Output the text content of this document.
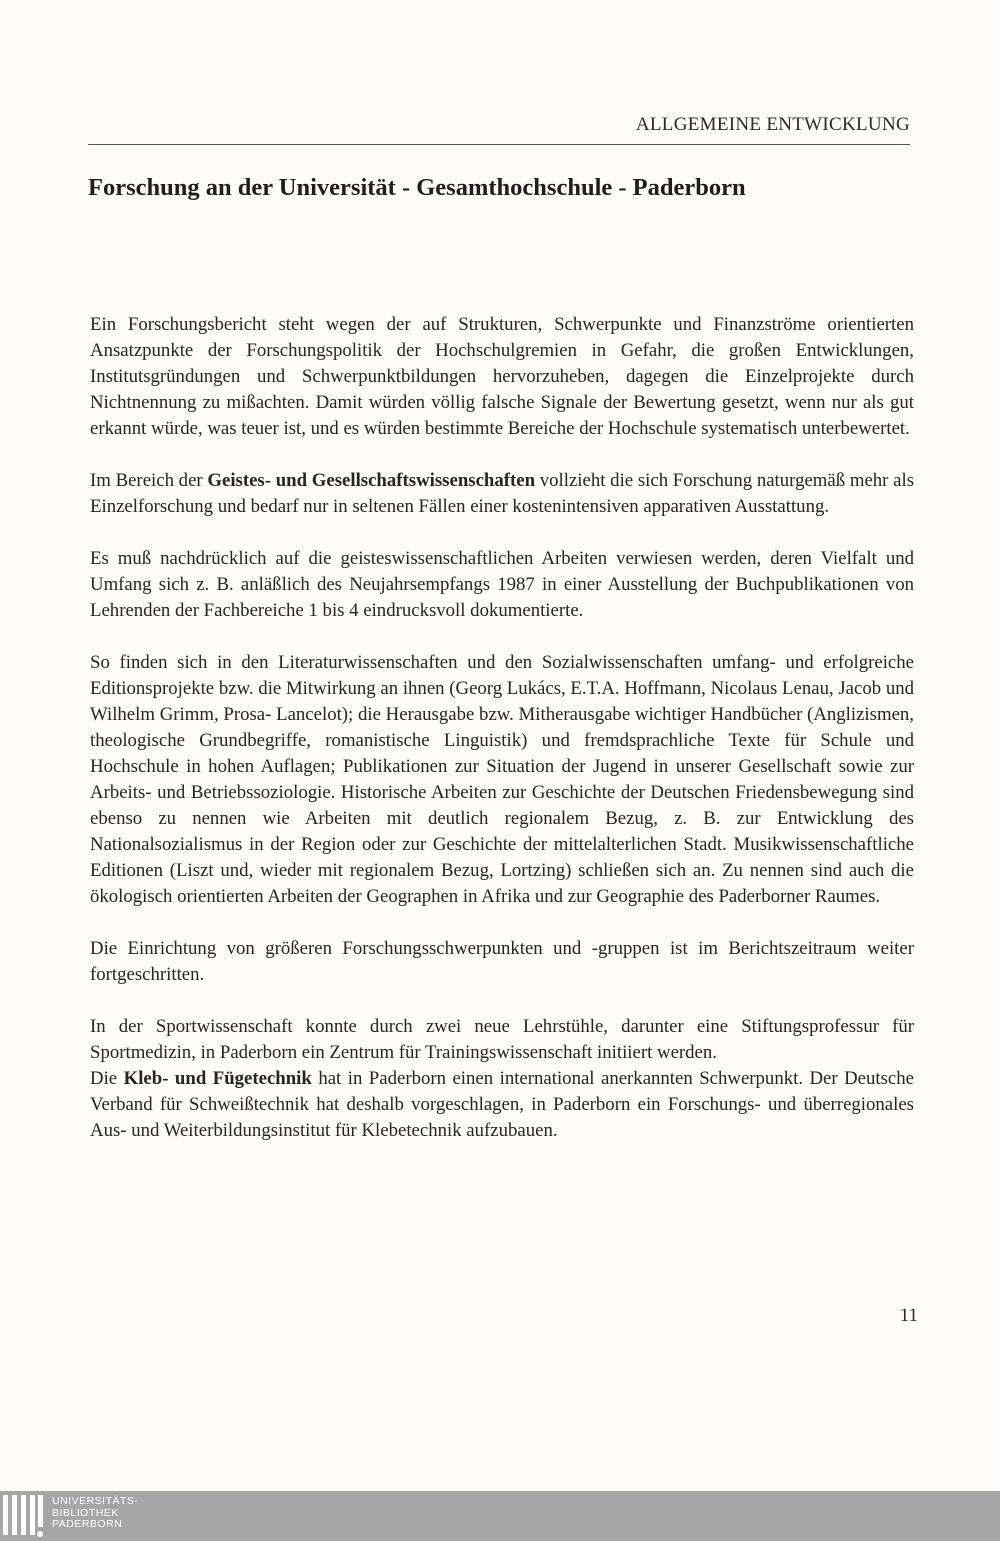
ALLGEMEINE ENTWICKLUNG
Forschung an der Universität - Gesamthochschule - Paderborn

Ein Forschungsbericht steht wegen der auf Strukturen, Schwerpunkte und Finanzströme orientierten Ansatzpunkte der Forschungspolitik der Hochschulgremien in Gefahr, die großen Entwicklungen, Institutsgründungen und Schwerpunktbildungen hervorzuheben, dagegen die Einzelprojekte durch Nichtnennung zu mißachten. Damit würden völlig falsche Signale der Bewertung gesetzt, wenn nur als gut erkannt würde, was teuer ist, und es würden bestimmte Bereiche der Hochschule systematisch unterbewertet.

Im Bereich der Geistes- und Gesellschaftswissenschaften vollzieht die sich Forschung naturgemäß mehr als Einzelforschung und bedarf nur in seltenen Fällen einer kostenintensiven apparativen Ausstattung.

Es muß nachdrücklich auf die geisteswissenschaftlichen Arbeiten verwiesen werden, deren Vielfalt und Umfang sich z. B. anläßlich des Neujahrsempfangs 1987 in einer Ausstellung der Buchpublikationen von Lehrenden der Fachbereiche 1 bis 4 eindrucksvoll dokumentierte.

So finden sich in den Literaturwissenschaften und den Sozialwissenschaften umfang- und erfolgreiche Editionsprojekte bzw. die Mitwirkung an ihnen (Georg Lukács, E.T.A. Hoffmann, Nicolaus Lenau, Jacob und Wilhelm Grimm, Prosa- Lancelot); die Herausgabe bzw. Mitherausgabe wichtiger Handbücher (Anglizismen, theologische Grundbegriffe, romanistische Linguistik) und fremdsprachliche Texte für Schule und Hochschule in hohen Auflagen; Publikationen zur Situation der Jugend in unserer Gesellschaft sowie zur Arbeits- und Betriebssoziologie. Historische Arbeiten zur Geschichte der Deutschen Friedensbewegung sind ebenso zu nennen wie Arbeiten mit deutlich regionalem Bezug, z. B. zur Entwicklung des Nationalsozialismus in der Region oder zur Geschichte der mittelalterlichen Stadt. Musikwissenschaftliche Editionen (Liszt und, wieder mit regionalem Bezug, Lortzing) schließen sich an. Zu nennen sind auch die ökologisch orientierten Arbeiten der Geographen in Afrika und zur Geographie des Paderborner Raumes.

Die Einrichtung von größeren Forschungsschwerpunkten und -gruppen ist im Berichtszeitraum weiter fortgeschritten.

In der Sportwissenschaft konnte durch zwei neue Lehrstühle, darunter eine Stiftungsprofessur für Sportmedizin, in Paderborn ein Zentrum für Trainingswissenschaft initiiert werden.

Die Kleb- und Fügetechnik hat in Paderborn einen international anerkannten Schwerpunkt. Der Deutsche Verband für Schweißtechnik hat deshalb vorgeschlagen, in Paderborn ein Forschungs- und überregionales Aus- und Weiterbildungsinstitut für Klebetechnik aufzubauen.

11
UNIVERSITÄTS-
BIBLIOTHEK
PADERBORN
